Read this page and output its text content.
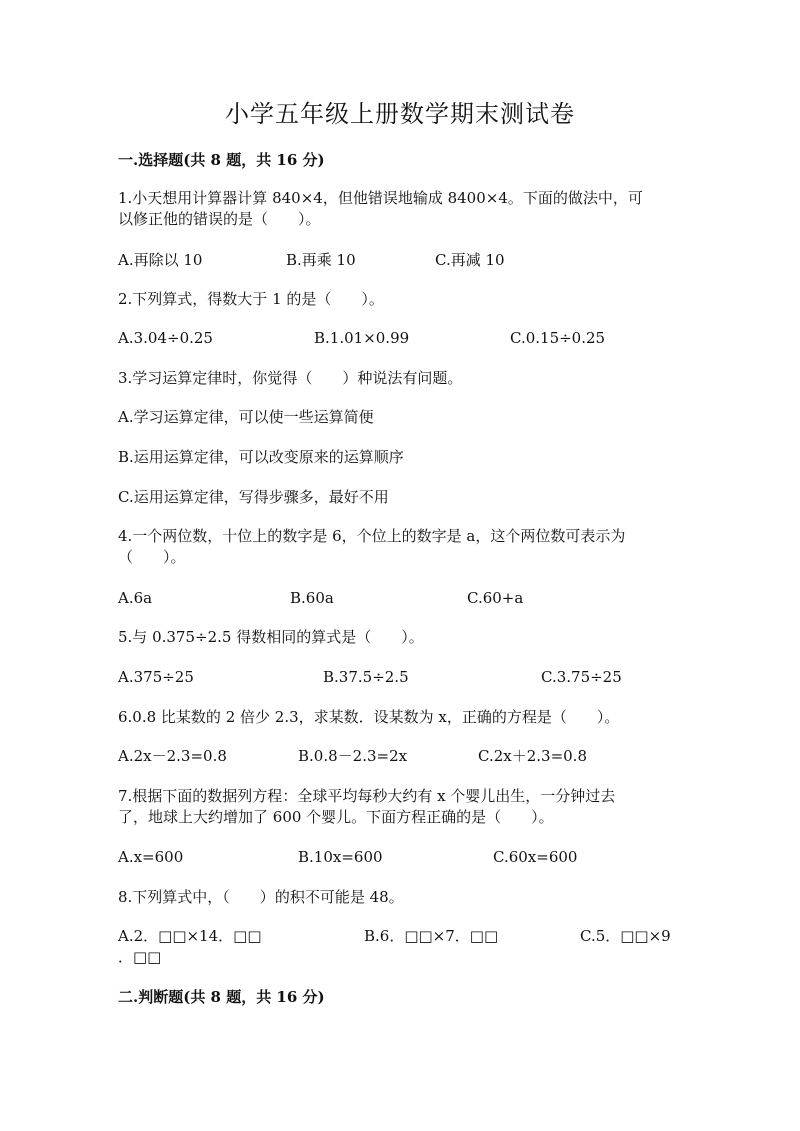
小学五年级上册数学期末测试卷
一.选择题(共 8 题，共 16 分)
1.小天想用计算器计算 840×4，但他错误地输成 8400×4。下面的做法中，可
以修正他的错误的是（　　）。
A.再除以 10	B.再乘 10	C.再减 10
2.下列算式，得数大于 1 的是（　　）。
A.3.04÷0.25	B.1.01×0.99	C.0.15÷0.25
3.学习运算定律时，你觉得（　　）种说法有问题。
A.学习运算定律，可以使一些运算简便
B.运用运算定律，可以改变原来的运算顺序
C.运用运算定律，写得步骤多，最好不用
4.一个两位数，十位上的数字是 6，个位上的数字是 a，这个两位数可表示为
（　　）。
A.6a	B.60a	C.60+a
5.与 0.375÷2.5 得数相同的算式是（　　）。
A.375÷25	B.37.5÷2.5	C.3.75÷25
6.0.8 比某数的 2 倍少 2.3，求某数．设某数为 x，正确的方程是（　　）。
A.2x－2.3=0.8	B.0.8－2.3=2x	C.2x＋2.3=0.8
7.根据下面的数据列方程：全球平均每秒大约有 x 个婴儿出生，一分钟过去
了，地球上大约增加了 600 个婴儿。下面方程正确的是（　　）。
A.x=600	B.10x=600	C.60x=600
8.下列算式中，（　　）的积不可能是 48。
A.2．□□×14．□□	B.6．□□×7．□□	C.5．□□×9
．□□
二.判断题(共 8 题，共 16 分)
